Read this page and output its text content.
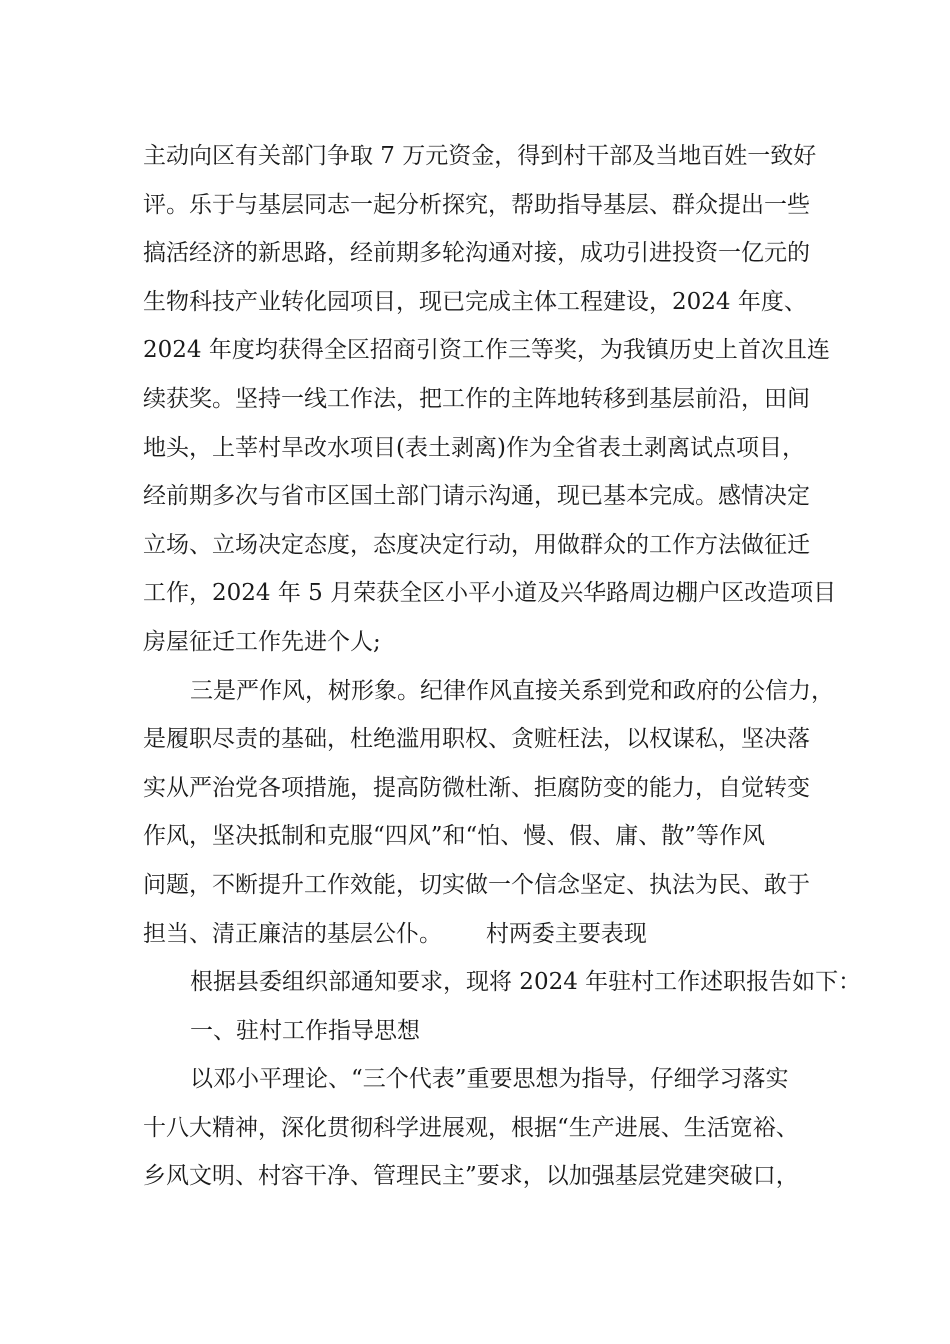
主动向区有关部门争取 7 万元资金，得到村干部及当地百姓一致好
评。乐于与基层同志一起分析探究，帮助指导基层、群众提出一些
搞活经济的新思路，经前期多轮沟通对接，成功引进投资一亿元的
生物科技产业转化园项目，现已完成主体工程建设，2024 年度、
2024 年度均获得全区招商引资工作三等奖，为我镇历史上首次且连
续获奖。坚持一线工作法，把工作的主阵地转移到基层前沿，田间
地头，上莘村旱改水项目(表土剥离)作为全省表土剥离试点项目，
经前期多次与省市区国土部门请示沟通，现已基本完成。感情决定
立场、立场决定态度，态度决定行动，用做群众的工作方法做征迁
工作，2024 年 5 月荣获全区小平小道及兴华路周边棚户区改造项目
房屋征迁工作先进个人;
三是严作风，树形象。纪律作风直接关系到党和政府的公信力，
是履职尽责的基础，杜绝滥用职权、贪赃枉法，以权谋私，坚决落
实从严治党各项措施，提高防微杜渐、拒腐防变的能力，自觉转变
作风，坚决抵制和克服“四风”和“怕、慢、假、庸、散”等作风
问题，不断提升工作效能，切实做一个信念坚定、执法为民、敢于
担当、清正廉洁的基层公仆。      村两委主要表现
根据县委组织部通知要求，现将 2024 年驻村工作述职报告如下：
一、驻村工作指导思想
以邓小平理论、“三个代表”重要思想为指导，仔细学习落实
十八大精神，深化贯彻科学进展观，根据“生产进展、生活宽裕、
乡风文明、村容干净、管理民主”要求，以加强基层党建突破口，
